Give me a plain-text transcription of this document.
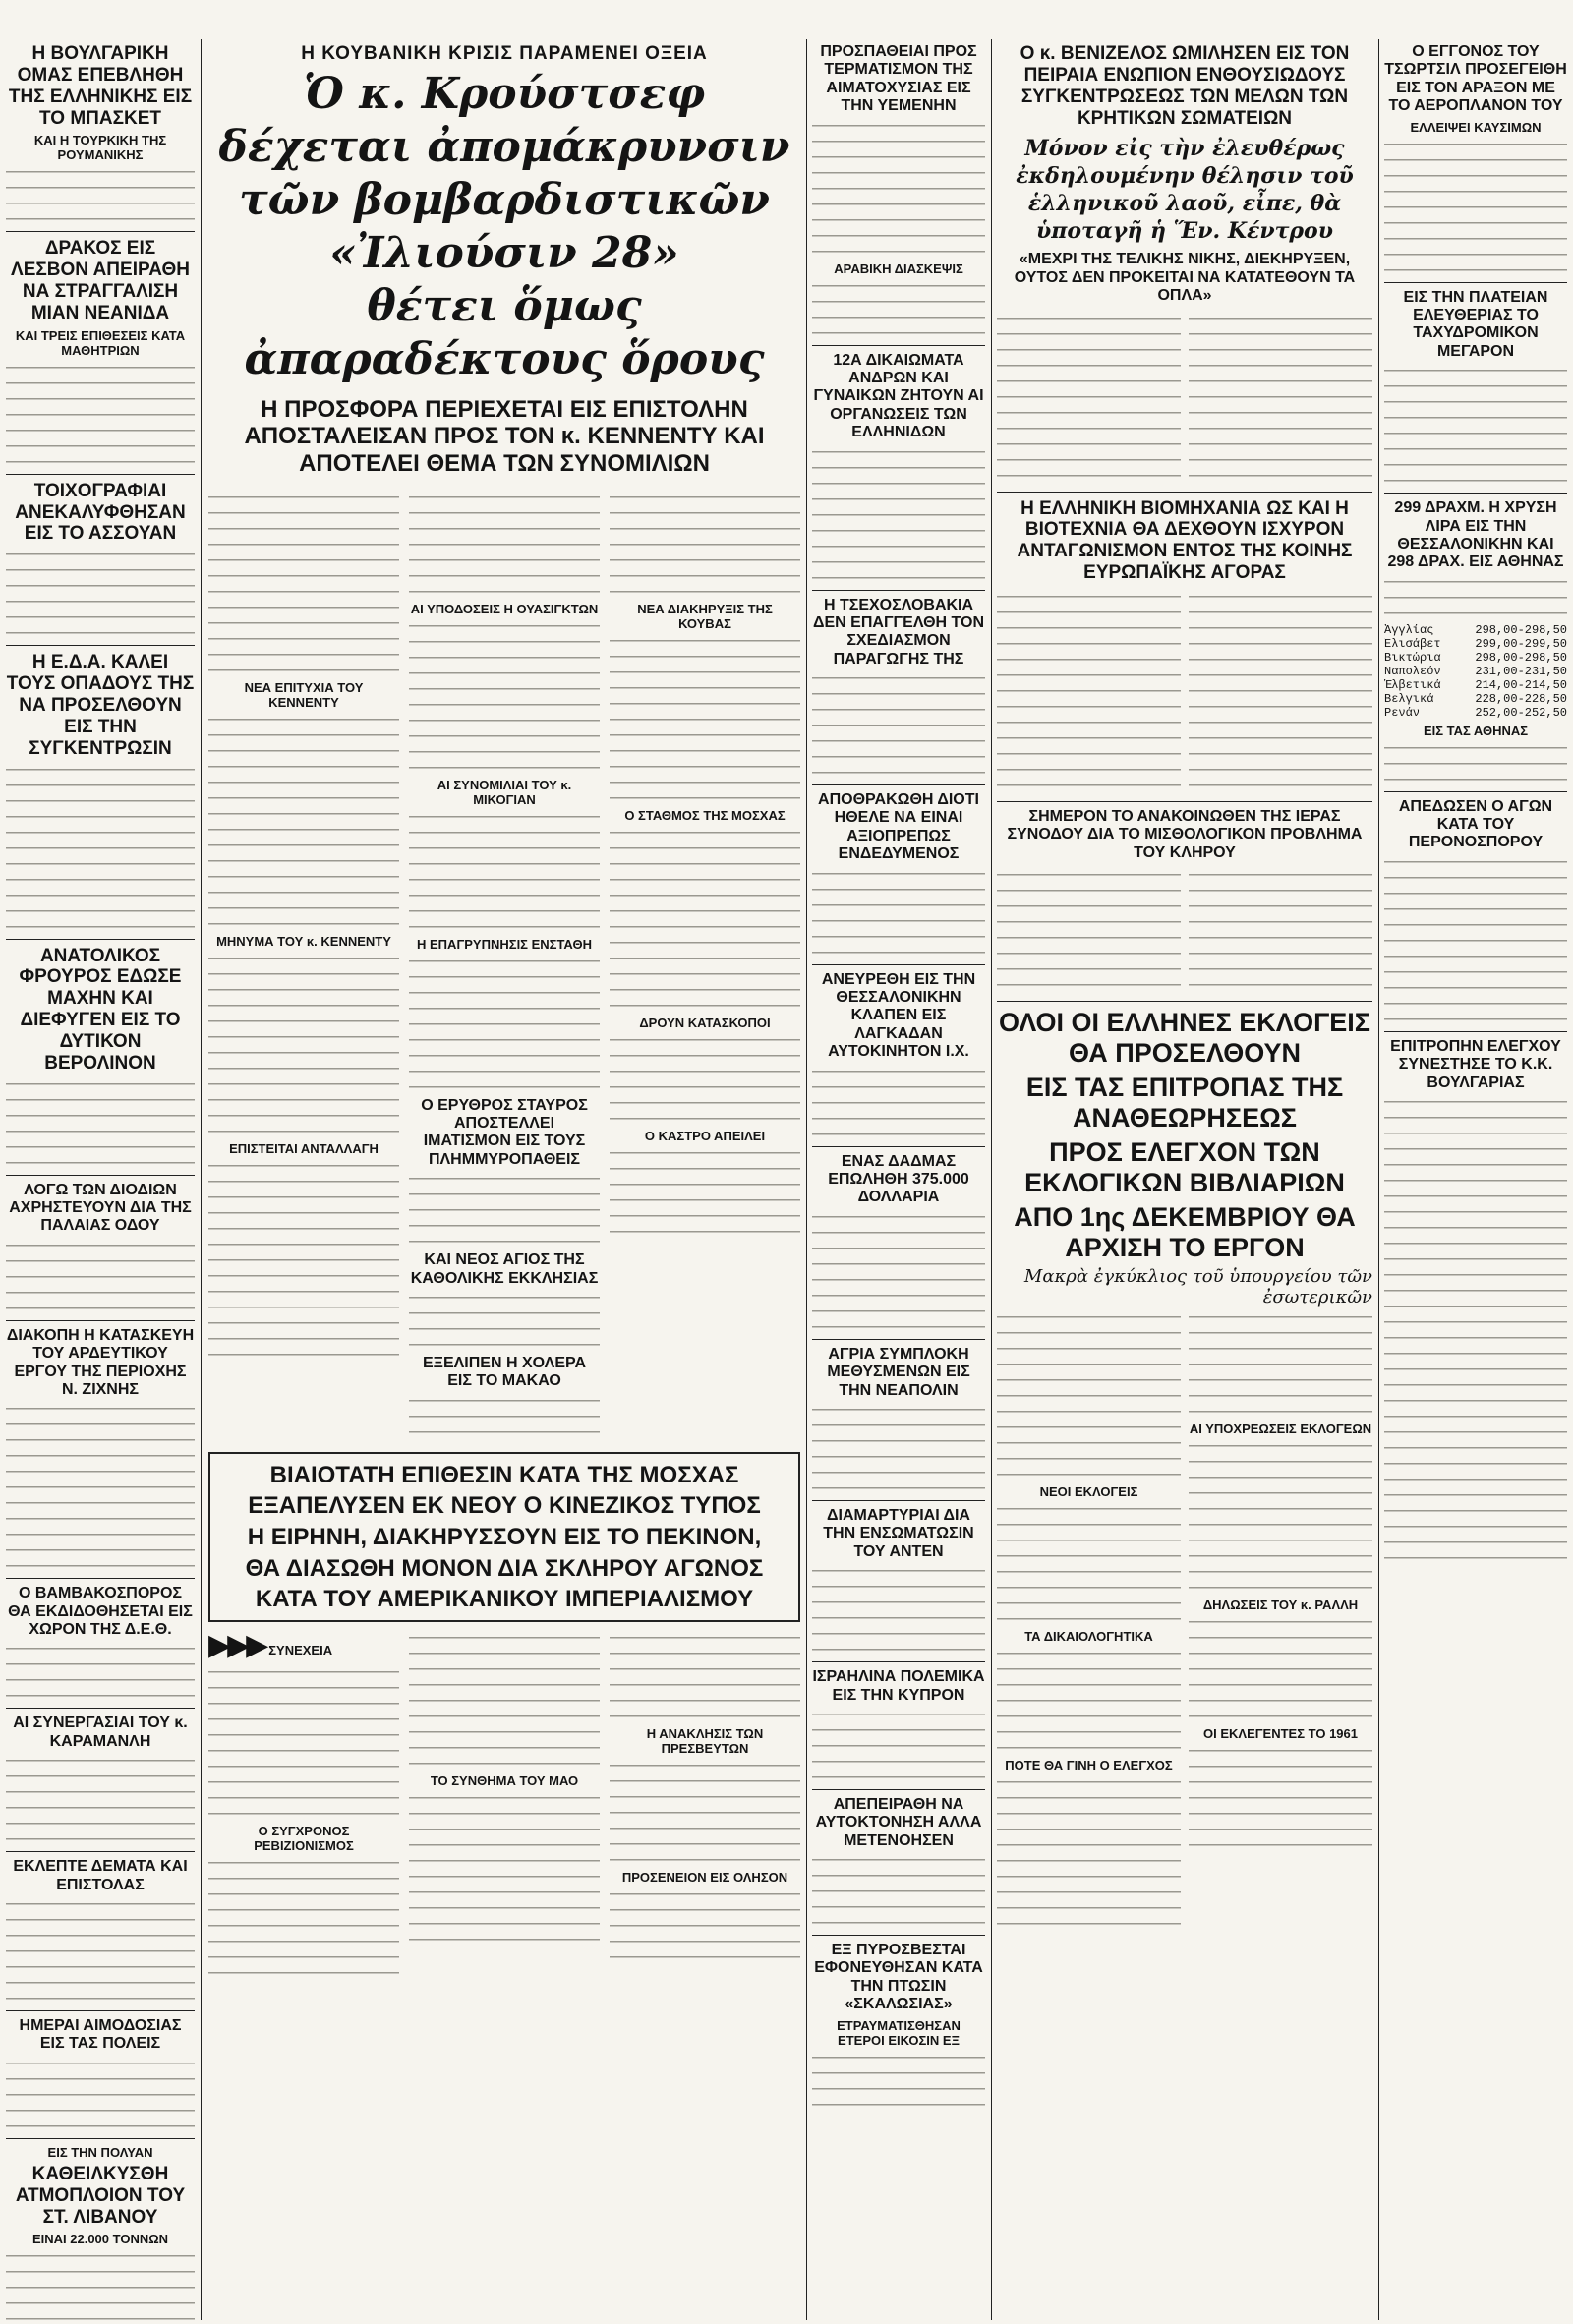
Η ΒΟΥΛΓΑΡΙΚΗ ΟΜΑΣ ΕΠΕΒΛΗΘΗ ΤΗΣ ΕΛΛΗΝΙΚΗΣ ΕΙΣ ΤΟ ΜΠΑΣΚΕΤ
ΚΑΙ Η ΤΟΥΡΚΙΚΗ ΤΗΣ ΡΟΥΜΑΝΙΚΗΣ
ΔΡΑΚΟΣ ΕΙΣ ΛΕΣΒΟΝ ΑΠΕΙΡΑΘΗ ΝΑ ΣΤΡΑΓΓΑΛΙΣΗ ΜΙΑΝ ΝΕΑΝΙΔΑ
ΚΑΙ ΤΡΕΙΣ ΕΠΙΘΕΣΕΙΣ ΚΑΤΑ ΜΑΘΗΤΡΙΩΝ
ΤΟΙΧΟΓΡΑΦΙΑΙ ΑΝΕΚΑΛΥΦΘΗΣΑΝ ΕΙΣ ΤΟ ΑΣΣΟΥΑΝ
Η Ε.Δ.Α. ΚΑΛΕΙ ΤΟΥΣ ΟΠΑΔΟΥΣ ΤΗΣ ΝΑ ΠΡΟΣΕΛΘΟΥΝ ΕΙΣ ΤΗΝ ΣΥΓΚΕΝΤΡΩΣΙΝ
ΑΝΑΤΟΛΙΚΟΣ ΦΡΟΥΡΟΣ ΕΔΩΣΕ ΜΑΧΗΝ ΚΑΙ ΔΙΕΦΥΓΕΝ ΕΙΣ ΤΟ ΔΥΤΙΚΟΝ ΒΕΡΟΛΙΝΟΝ
ΛΟΓΩ ΤΩΝ ΔΙΟΔΙΩΝ ΑΧΡΗΣΤΕΥΟΥΝ ΔΙΑ ΤΗΣ ΠΑΛΑΙΑΣ ΟΔΟΥ
ΔΙΑΚΟΠΗ Η ΚΑΤΑΣΚΕΥΗ ΤΟΥ ΑΡΔΕΥΤΙΚΟΥ ΕΡΓΟΥ ΤΗΣ ΠΕΡΙΟΧΗΣ Ν. ΖΙΧΝΗΣ
Ο ΒΑΜΒΑΚΟΣΠΟΡΟΣ ΘΑ ΕΚΔΙΔΟΘΗΣΕΤΑΙ ΕΙΣ ΧΩΡΟΝ ΤΗΣ Δ.Ε.Θ.
ΑΙ ΣΥΝΕΡΓΑΣΙΑΙ ΤΟΥ κ. ΚΑΡΑΜΑΝΛΗ
ΕΚΛΕΠΤΕ ΔΕΜΑΤΑ ΚΑΙ ΕΠΙΣΤΟΛΑΣ
ΗΜΕΡΑΙ ΑΙΜΟΔΟΣΙΑΣ ΕΙΣ ΤΑΣ ΠΟΛΕΙΣ
ΕΙΣ ΤΗΝ ΠΟΛΥΑΝ
ΚΑΘΕΙΛΚΥΣΘΗ ΑΤΜΟΠΛΟΙΟΝ ΤΟΥ ΣΤ. ΛΙΒΑΝΟΥ
ΕΙΝΑΙ 22.000 ΤΟΝΝΩΝ
Η ΚΟΥΒΑΝΙΚΗ ΚΡΙΣΙΣ ΠΑΡΑΜΕΝΕΙ ΟΞΕΙΑ
Ὁ κ. Κρούστσεφ δέχεται ἀπομάκρυνσιν
τῶν βομβαρδιστικῶν «Ἰλιούσιν 28»
θέτει ὅμως ἀπαραδέκτους ὅρους
Η ΠΡΟΣΦΟΡΑ ΠΕΡΙΕΧΕΤΑΙ ΕΙΣ ΕΠΙΣΤΟΛΗΝ ΑΠΟΣΤΑΛΕΙΣΑΝ ΠΡΟΣ ΤΟΝ κ. ΚΕΝΝΕΝΤΥ ΚΑΙ ΑΠΟΤΕΛΕΙ ΘΕΜΑ ΤΩΝ ΣΥΝΟΜΙΛΙΩΝ
ΝΕΑ ΕΠΙΤΥΧΙΑ ΤΟΥ ΚΕΝΝΕΝΤΥ
ΜΗΝΥΜΑ ΤΟΥ κ. ΚΕΝΝΕΝΤΥ
ΕΠΙΣΤΕΙΤΑΙ ΑΝΤΑΛΛΑΓΗ
ΑΙ ΥΠΟΔΟΣΕΙΣ Η ΟΥΑΣΙΓΚΤΩΝ
ΑΙ ΣΥΝΟΜΙΛΙΑΙ ΤΟΥ κ. ΜΙΚΟΓΙΑΝ
Η ΕΠΑΓΡΥΠΝΗΣΙΣ ΕΝΣΤΑΘΗ
Ο ΕΡΥΘΡΟΣ ΣΤΑΥΡΟΣ ΑΠΟΣΤΕΛΛΕΙ ΙΜΑΤΙΣΜΟΝ ΕΙΣ ΤΟΥΣ ΠΛΗΜΜΥΡΟΠΑΘΕΙΣ
ΚΑΙ ΝΕΟΣ ΑΓΙΟΣ ΤΗΣ ΚΑΘΟΛΙΚΗΣ ΕΚΚΛΗΣΙΑΣ
ΕΞΕΛΙΠΕΝ Η ΧΟΛΕΡΑ ΕΙΣ ΤΟ ΜΑΚΑΟ
ΝΕΑ ΔΙΑΚΗΡΥΞΙΣ ΤΗΣ ΚΟΥΒΑΣ
Ο ΣΤΑΘΜΟΣ ΤΗΣ ΜΟΣΧΑΣ
ΔΡΟΥΝ ΚΑΤΑΣΚΟΠΟΙ
Ο ΚΑΣΤΡΟ ΑΠΕΙΛΕΙ
ΒΙΑΙΟΤΑΤΗ ΕΠΙΘΕΣΙΝ ΚΑΤΑ ΤΗΣ ΜΟΣΧΑΣ
ΕΞΑΠΕΛΥΣΕΝ ΕΚ ΝΕΟΥ Ο ΚΙΝΕΖΙΚΟΣ ΤΥΠΟΣ
Η ΕΙΡΗΝΗ, ΔΙΑΚΗΡΥΣΣΟΥΝ ΕΙΣ ΤΟ ΠΕΚΙΝΟΝ,
ΘΑ ΔΙΑΣΩΘΗ ΜΟΝΟΝ ΔΙΑ ΣΚΛΗΡΟΥ ΑΓΩΝΟΣ
ΚΑΤΑ ΤΟΥ ΑΜΕΡΙΚΑΝΙΚΟΥ ΙΜΠΕΡΙΑΛΙΣΜΟΥ
▶▶▶ ΣΥΝΕΧΕΙΑ
Ο ΣΥΓΧΡΟΝΟΣ ΡΕΒΙΖΙΟΝΙΣΜΟΣ
ΤΟ ΣΥΝΘΗΜΑ ΤΟΥ ΜΑΟ
Η ΑΝΑΚΛΗΣΙΣ ΤΩΝ ΠΡΕΣΒΕΥΤΩΝ
ΠΡΟΣΕΝΕΙΟΝ ΕΙΣ ΟΛΗΣΟΝ
ΠΡΟΣΠΑΘΕΙΑΙ ΠΡΟΣ ΤΕΡΜΑΤΙΣΜΟΝ ΤΗΣ ΑΙΜΑΤΟΧΥΣΙΑΣ ΕΙΣ ΤΗΝ ΥΕΜΕΝΗΝ
ΑΡΑΒΙΚΗ ΔΙΑΣΚΕΨΙΣ
12Α ΔΙΚΑΙΩΜΑΤΑ ΑΝΔΡΩΝ ΚΑΙ ΓΥΝΑΙΚΩΝ ΖΗΤΟΥΝ ΑΙ ΟΡΓΑΝΩΣΕΙΣ ΤΩΝ ΕΛΛΗΝΙΔΩΝ
Η ΤΣΕΧΟΣΛΟΒΑΚΙΑ ΔΕΝ ΕΠΑΓΓΕΛΘΗ ΤΟΝ ΣΧΕΔΙΑΣΜΟΝ ΠΑΡΑΓΩΓΗΣ ΤΗΣ
ΑΠΟΘΡΑΚΩΘΗ ΔΙΟΤΙ ΗΘΕΛΕ ΝΑ ΕΙΝΑΙ ΑΞΙΟΠΡΕΠΩΣ ΕΝΔΕΔΥΜΕΝΟΣ
ΑΝΕΥΡΕΘΗ ΕΙΣ ΤΗΝ ΘΕΣΣΑΛΟΝΙΚΗΝ ΚΛΑΠΕΝ ΕΙΣ ΛΑΓΚΑΔΑΝ ΑΥΤΟΚΙΝΗΤΟΝ Ι.Χ.
ΕΝΑΣ ΔΑΔΜΑΣ ΕΠΩΛΗΘΗ 375.000 ΔΟΛΛΑΡΙΑ
ΑΓΡΙΑ ΣΥΜΠΛΟΚΗ ΜΕΘΥΣΜΕΝΩΝ ΕΙΣ ΤΗΝ ΝΕΑΠΟΛΙΝ
ΔΙΑΜΑΡΤΥΡΙΑΙ ΔΙΑ ΤΗΝ ΕΝΣΩΜΑΤΩΣΙΝ ΤΟΥ ΑΝΤΕΝ
ΙΣΡΑΗΛΙΝΑ ΠΟΛΕΜΙΚΑ ΕΙΣ ΤΗΝ ΚΥΠΡΟΝ
ΑΠΕΠΕΙΡΑΘΗ ΝΑ ΑΥΤΟΚΤΟΝΗΣΗ ΑΛΛΑ ΜΕΤΕΝΟΗΣΕΝ
ΕΞ ΠΥΡΟΣΒΕΣΤΑΙ ΕΦΟΝΕΥΘΗΣΑΝ ΚΑΤΑ ΤΗΝ ΠΤΩΣΙΝ «ΣΚΑΛΩΣΙΑΣ»
ΕΤΡΑΥΜΑΤΙΣΘΗΣΑΝ ΕΤΕΡΟΙ ΕΙΚΟΣΙΝ ΕΞ
Ο κ. ΒΕΝΙΖΕΛΟΣ ΩΜΙΛΗΣΕΝ ΕΙΣ ΤΟΝ ΠΕΙΡΑΙΑ ΕΝΩΠΙΟΝ ΕΝΘΟΥΣΙΩΔΟΥΣ ΣΥΓΚΕΝΤΡΩΣΕΩΣ ΤΩΝ ΜΕΛΩΝ ΤΩΝ ΚΡΗΤΙΚΩΝ ΣΩΜΑΤΕΙΩΝ
Μόνον εἰς τὴν ἐλευθέρως ἐκδηλουμένην θέλησιν τοῦ ἑλληνικοῦ λαοῦ, εἶπε, θὰ ὑποταγῆ ἡ Ἕν. Κέντρου
«ΜΕΧΡΙ ΤΗΣ ΤΕΛΙΚΗΣ ΝΙΚΗΣ, ΔΙΕΚΗΡΥΞΕΝ, ΟΥΤΟΣ ΔΕΝ ΠΡΟΚΕΙΤΑΙ ΝΑ ΚΑΤΑΤΕΘΟΥΝ ΤΑ ΟΠΛΑ»
Η ΕΛΛΗΝΙΚΗ ΒΙΟΜΗΧΑΝΙΑ ΩΣ ΚΑΙ Η ΒΙΟΤΕΧΝΙΑ ΘΑ ΔΕΧΘΟΥΝ ΙΣΧΥΡΟΝ ΑΝΤΑΓΩΝΙΣΜΟΝ ΕΝΤΟΣ ΤΗΣ ΚΟΙΝΗΣ ΕΥΡΩΠΑΪΚΗΣ ΑΓΟΡΑΣ
ΣΗΜΕΡΟΝ ΤΟ ΑΝΑΚΟΙΝΩΘΕΝ ΤΗΣ ΙΕΡΑΣ ΣΥΝΟΔΟΥ ΔΙΑ ΤΟ ΜΙΣΘΟΛΟΓΙΚΟΝ ΠΡΟΒΛΗΜΑ ΤΟΥ ΚΛΗΡΟΥ
ΟΛΟΙ ΟΙ ΕΛΛΗΝΕΣ ΕΚΛΟΓΕΙΣ ΘΑ ΠΡΟΣΕΛΘΟΥΝ
ΕΙΣ ΤΑΣ ΕΠΙΤΡΟΠΑΣ ΤΗΣ ΑΝΑΘΕΩΡΗΣΕΩΣ
ΠΡΟΣ ΕΛΕΓΧΟΝ ΤΩΝ ΕΚΛΟΓΙΚΩΝ ΒΙΒΛΙΑΡΙΩΝ
ΑΠΟ 1ης ΔΕΚΕΜΒΡΙΟΥ ΘΑ ΑΡΧΙΣΗ ΤΟ ΕΡΓΟΝ
Μακρὰ ἐγκύκλιος τοῦ ὑπουργείου τῶν ἐσωτερικῶν
ΝΕΟΙ ΕΚΛΟΓΕΙΣ
ΤΑ ΔΙΚΑΙΟΛΟΓΗΤΙΚΑ
ΠΟΤΕ ΘΑ ΓΙΝΗ Ο ΕΛΕΓΧΟΣ
ΑΙ ΥΠΟΧΡΕΩΣΕΙΣ ΕΚΛΟΓΕΩΝ
ΔΗΛΩΣΕΙΣ ΤΟΥ κ. ΡΑΛΛΗ
ΟΙ ΕΚΛΕΓΕΝΤΕΣ ΤΟ 1961
Ο ΕΓΓΟΝΟΣ ΤΟΥ ΤΣΩΡΤΣΙΛ ΠΡΟΣΕΓΕΙΘΗ ΕΙΣ ΤΟΝ ΑΡΑΞΟΝ ΜΕ ΤΟ ΑΕΡΟΠΛΑΝΟΝ ΤΟΥ
ΕΛΛΕΙΨΕΙ ΚΑΥΣΙΜΩΝ
ΕΙΣ ΤΗΝ ΠΛΑΤΕΙΑΝ ΕΛΕΥΘΕΡΙΑΣ ΤΟ ΤΑΧΥΔΡΟΜΙΚΟΝ ΜΕΓΑΡΟΝ
299 ΔΡΑΧΜ. Η ΧΡΥΣΗ ΛΙΡΑ ΕΙΣ ΤΗΝ ΘΕΣΣΑΛΟΝΙΚΗΝ ΚΑΙ 298 ΔΡΑΧ. ΕΙΣ ΑΘΗΝΑΣ
Ἀγγλίας	298,00-298,50
Ἐλισάβετ	299,00-299,50
Βικτώρια	298,00-298,50
Ναπολεόν	231,00-231,50
Ἑλβετικά	214,00-214,50
Βελγικά	228,00-228,50
Ρενάν	252,00-252,50
ΕΙΣ ΤΑΣ ΑΘΗΝΑΣ
ΑΠΕΔΩΣΕΝ Ο ΑΓΩΝ ΚΑΤΑ ΤΟΥ ΠΕΡΟΝΟΣΠΟΡΟΥ
ΕΠΙΤΡΟΠΗΝ ΕΛΕΓΧΟΥ ΣΥΝΕΣΤΗΣΕ ΤΟ Κ.Κ. ΒΟΥΛΓΑΡΙΑΣ
